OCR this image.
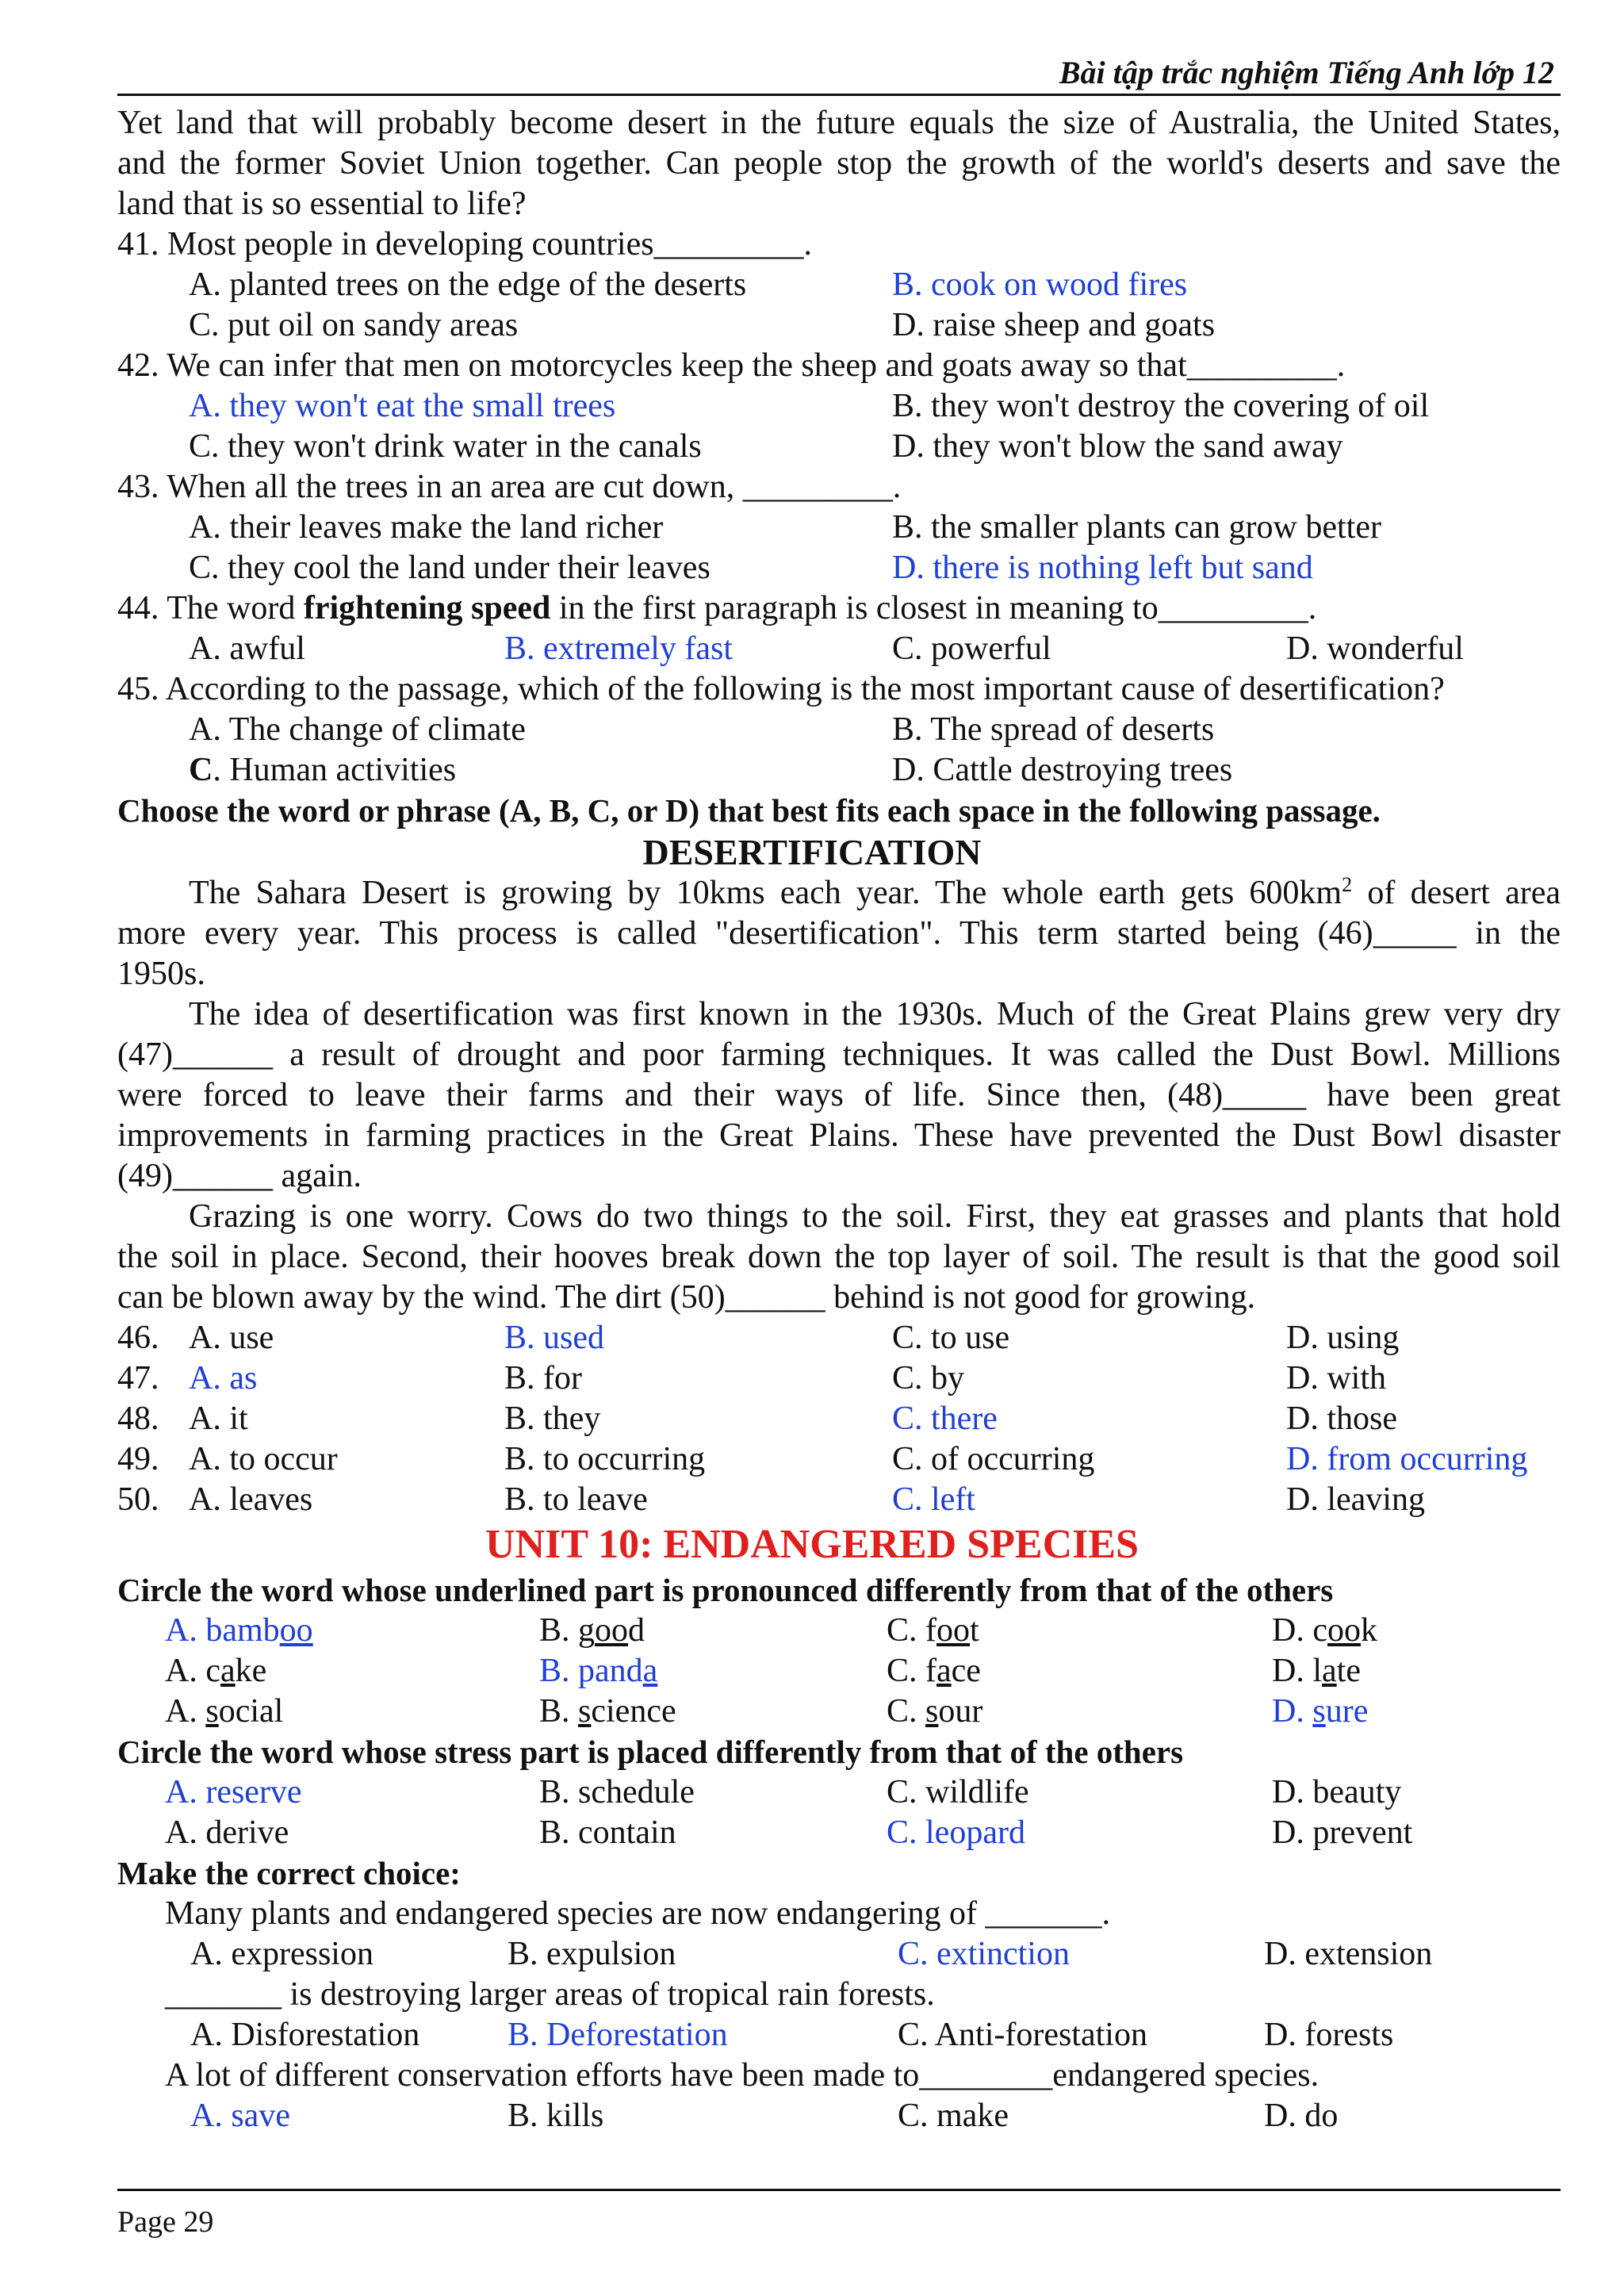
Bài tập trắc nghiệm Tiếng Anh lớp 12
Yet land that will probably become desert in the future equals the size of Australia, the United States,
and the former Soviet Union together. Can people stop the growth of the world's deserts and save the
land that is so essential to life?
41. Most people in developing countries_________.
A. planted trees on the edge of the deserts	B. cook on wood fires
C. put oil on sandy areas	D. raise sheep and goats
42. We can infer that men on motorcycles keep the sheep and goats away so that_________.
A. they won't eat the small trees	B. they won't destroy the covering of oil
C. they won't drink water in the canals	D. they won't blow the sand away
43. When all the trees in an area are cut down, _________.
A. their leaves make the land richer	B. the smaller plants can grow better
C. they cool the land under their leaves	D. there is nothing left but sand
44. The word frightening speed in the first paragraph is closest in meaning to_________.
A. awful	B. extremely fast	C. powerful	D. wonderful
45. According to the passage, which of the following is the most important cause of desertification?
A. The change of climate	B. The spread of deserts
C. Human activities	D. Cattle destroying trees
Choose the word or phrase (A, B, C, or D) that best fits each space in the following passage.
DESERTIFICATION
The Sahara Desert is growing by 10kms each year. The whole earth gets $600km^2$ of desert area
more every year. This process is called "desertification". This term started being (46)_____ in the
1950s.
The idea of desertification was first known in the 1930s. Much of the Great Plains grew very dry
(47)______ a result of drought and poor farming techniques. It was called the Dust Bowl. Millions
were forced to leave their farms and their ways of life. Since then, (48)_____ have been great
improvements in farming practices in the Great Plains. These have prevented the Dust Bowl disaster
(49)______ again.
Grazing is one worry. Cows do two things to the soil. First, they eat grasses and plants that hold
the soil in place. Second, their hooves break down the top layer of soil. The result is that the good soil
can be blown away by the wind. The dirt (50)______ behind is not good for growing.
46. A. use	B. used	C. to use	D. using
47. A. as	B. for	C. by	D. with
48. A. it	B. they	C. there	D. those
49. A. to occur	B. to occurring	C. of occurring	D. from occurring
50. A. leaves	B. to leave	C. left	D. leaving
UNIT 10: ENDANGERED SPECIES
Circle the word whose underlined part is pronounced differently from that of the others
A. bamboo	B. good	C. foot	D. cook
A. cake	B. panda	C. face	D. late
A. social	B. science	C. sour	D. sure
Circle the word whose stress part is placed differently from that of the others
A. reserve	B. schedule	C. wildlife	D. beauty
A. derive	B. contain	C. leopard	D. prevent
Make the correct choice:
Many plants and endangered species are now endangering of _______.
A. expression	B. expulsion	C. extinction	D. extension
_______ is destroying larger areas of tropical rain forests.
A. Disforestation	B. Deforestation	C. Anti-forestation	D. forests
A lot of different conservation efforts have been made to________endangered species.
A. save	B. kills	C. make	D. do
Page 29
